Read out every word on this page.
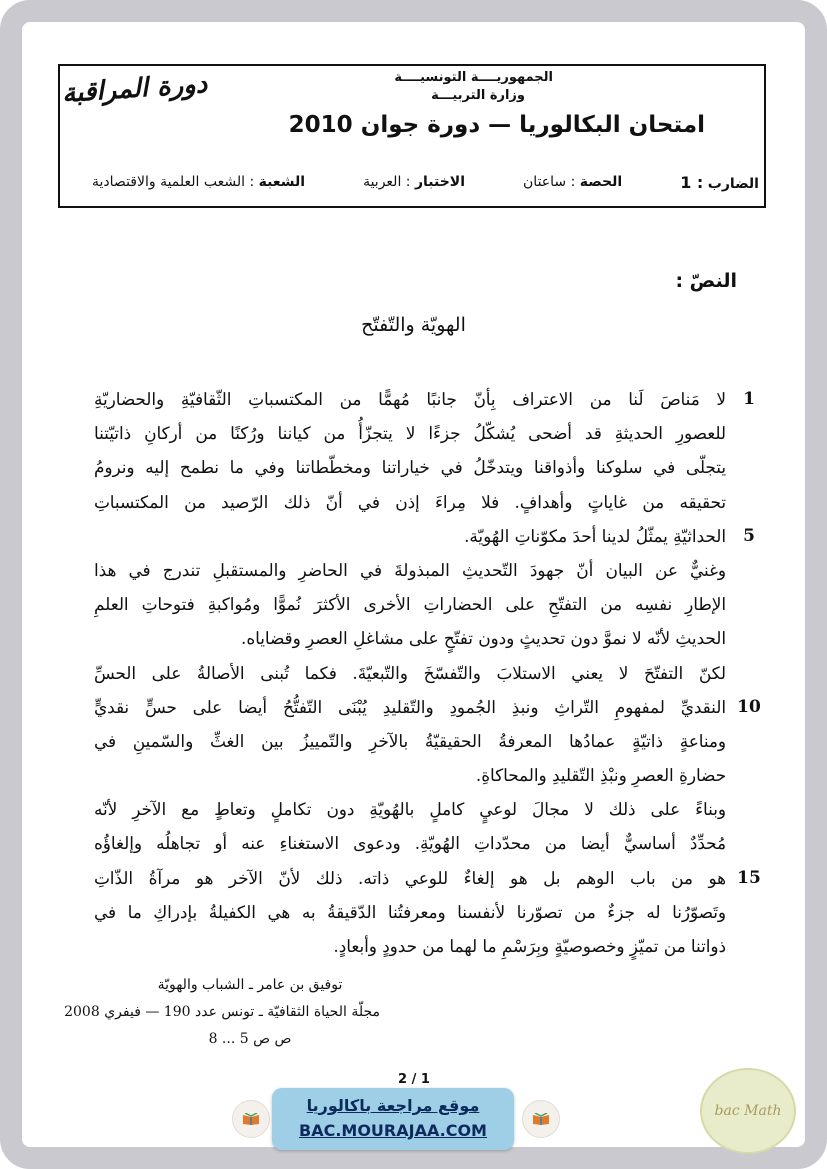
دورة المراقبة	الجمهوريــــة التونسيــــة
وزارة التربيـــة
امتحان البكالوريا — دورة جوان 2010
الشعبة : الشعب العلمية والاقتصادية	الاختبار : العربية	الحصة : ساعتان	الضارب : 1
النصّ :
الهويّة والتّفتّح
لا مَناصَ لَنا من الاعتراف بِأنّ جانبًا مُهمًّا من المكتسباتِ الثّقافيّةِ والحضاريّةِ	1
للعصورِ الحديثةِ قد أضحى يُشكّلُ جزءًا لا يتجزّأُ من كياننا ورُكنًا من أركانِ ذاتيّتنا
يتجلّى في سلوكنا وأذواقنا ويتدخّلُ في خياراتنا ومخطّطاتنا وفي ما نطمح إليه ونرومُ
تحقيقه من غاياتٍ وأهدافٍ. فلا مِراءَ إذن في أنّ ذلك الرّصيد من المكتسباتِ
الحداثيّةِ يمثّلُ لدينا أحدَ مكوّناتِ الهُويّة.	5
وغنيٌّ عن البيان أنّ جهودَ التّحديثِ المبذولةَ في الحاضرِ والمستقبلِ تندرج في هذا
الإطارِ نفسِه من التفتّحِ على الحضاراتِ الأخرى الأكثرَ نُموًّا ومُواكبةِ فتوحاتِ العلمِ
الحديثِ لأنّه لا نموَّ دون تحديثٍ ودون تفتّحٍ على مشاغلِ العصرِ وقضاياه.
لكنّ التفتّحَ لا يعني الاستلابَ والتّفسّخَ والتّبعيّةَ. فكما تُبنى الأصالةُ على الحسِّ
النقديِّ لمفهومِ التّراثِ ونبذِ الجُمودِ والتّقليدِ يُبْنَى التّفتُّحُ أيضا على حسٍّ نقديٍّ 10
ومناعةٍ ذاتيّةٍ عمادُها المعرفةُ الحقيقيّةُ بالآخرِ والتّمييزُ بين الغثِّ والسّمينِ في
حضارةِ العصرِ ونبْذِ التّقليدِ والمحاكاةِ.
وبناءً على ذلك لا مجالَ لوعيٍ كاملٍ بالهُويّةِ دون تكاملٍ وتعاطٍ مع الآخرِ لأنّه
مُحدِّدٌ أساسيٌّ أيضا من محدّداتِ الهُويّةِ. ودعوى الاستغناءِ عنه أو تجاهلُه وإلغاؤُه
هو من باب الوهم بل هو إلغاءٌ للوعي ذاته. ذلك لأنّ الآخر هو مرآةُ الذّاتِ 15
وتَصوّرُنا له جزءٌ من تصوّرنا لأنفسنا ومعرفتُنا الدّقيقةُ به هي الكفيلةُ بإدراكِ ما في
ذواتنا من تميّزٍ وخصوصيّةٍ وبِرَسْمِ ما لهما من حدودٍ وأبعادٍ.
توفيق بن عامر ـ الشباب والهويّة
مجلّة الحياة الثقافيّة ـ تونس عدد 190 — فيفري 2008
ص ص 5 ... 8
2 / 1
موقع مراجعة باكالوريا
BAC.MOURAJAA.COM
bac Math
